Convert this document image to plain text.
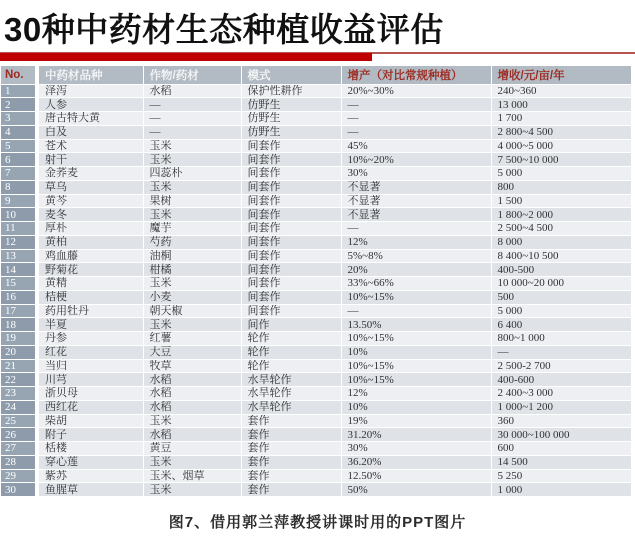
30种中药材生态种植收益评估
No.	中药材品种	作物/药材	模式	增产（对比常规种植）	增收/元/亩/年
1	泽泻	水稻	保护性耕作	20%~30%	240~360
2	人参	—	仿野生	—	13 000
3	唐古特大黄	—	仿野生	—	1 700
4	白及	—	仿野生	—	2 800~4 500
5	苍术	玉米	间套作	45%	4 000~5 000
6	射干	玉米	间套作	10%~20%	7 500~10 000
7	金荞麦	四蕊朴	间套作	30%	5 000
8	草乌	玉米	间套作	不显著	800
9	黄芩	果树	间套作	不显著	1 500
10	麦冬	玉米	间套作	不显著	1 800~2 000
11	厚朴	魔芋	间套作	—	2 500~4 500
12	黄柏	芍药	间套作	12%	8 000
13	鸡血藤	油桐	间套作	5%~8%	8 400~10 500
14	野菊花	柑橘	间套作	20%	400-500
15	黄精	玉米	间套作	33%~66%	10 000~20 000
16	桔梗	小麦	间套作	10%~15%	500
17	药用牡丹	朝天椒	间套作	—	5 000
18	半夏	玉米	间作	13.50%	6 400
19	丹参	红薯	轮作	10%~15%	800~1 000
20	红花	大豆	轮作	10%	—
21	当归	牧草	轮作	10%~15%	2 500-2 700
22	川芎	水稻	水旱轮作	10%~15%	400-600
23	浙贝母	水稻	水旱轮作	12%	2 400~3 000
24	西红花	水稻	水旱轮作	10%	1 000~1 200
25	柴胡	玉米	套作	19%	360
26	附子	水稻	套作	31.20%	30 000~100 000
27	栝楼	黄豆	套作	30%	600
28	穿心莲	玉米	套作	36.20%	14 500
29	紫苏	玉米、烟草	套作	12.50%	5 250
30	鱼腥草	玉米	套作	50%	1 000
图7、借用郭兰萍教授讲课时用的PPT图片
